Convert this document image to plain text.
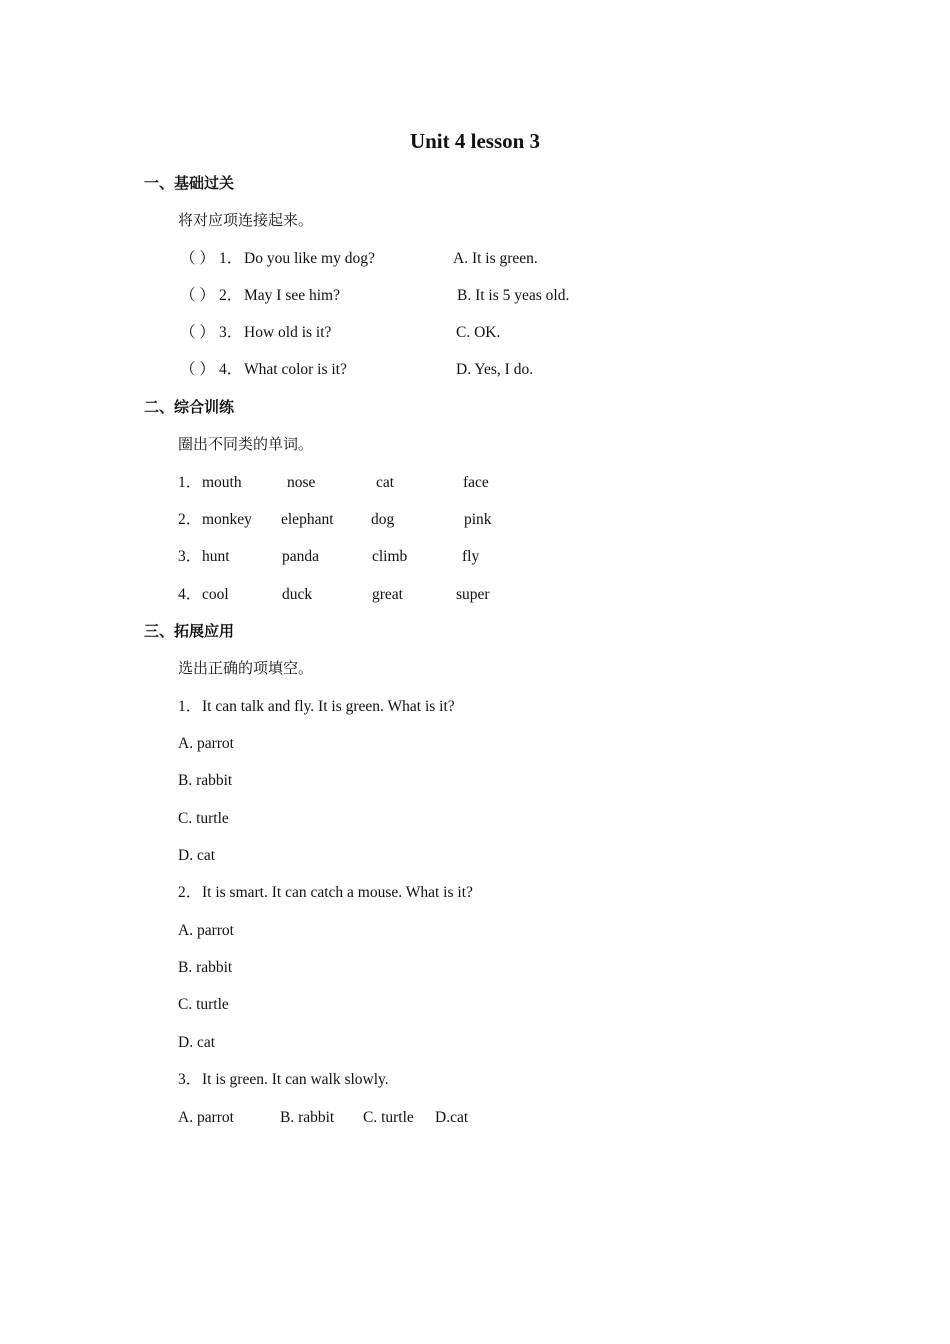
Unit 4 lesson 3
一、基础过关
将对应项连接起来。
（ ） 1． Do you like my dog?	A. It is green.
（ ） 2． May I see him?	B. It is 5 yeas old.
（ ） 3． How old is it?	C. OK.
（ ） 4． What color is it?	D. Yes, I do.
二、综合训练
圈出不同类的单词。
1． mouth	nose	cat	face
2． monkey elephant dog	pink
3． hunt	panda	climb	fly
4． cool	duck	great	super
三、拓展应用
选出正确的项填空。
1． It can talk and fly. It is green. What is it?
A. parrot
B. rabbit
C. turtle
D. cat
2． It is smart. It can catch a mouse. What is it?
A. parrot
B. rabbit
C. turtle
D. cat
3． It is green. It can walk slowly.
A. parrot	B. rabbit C. turtle D.cat
